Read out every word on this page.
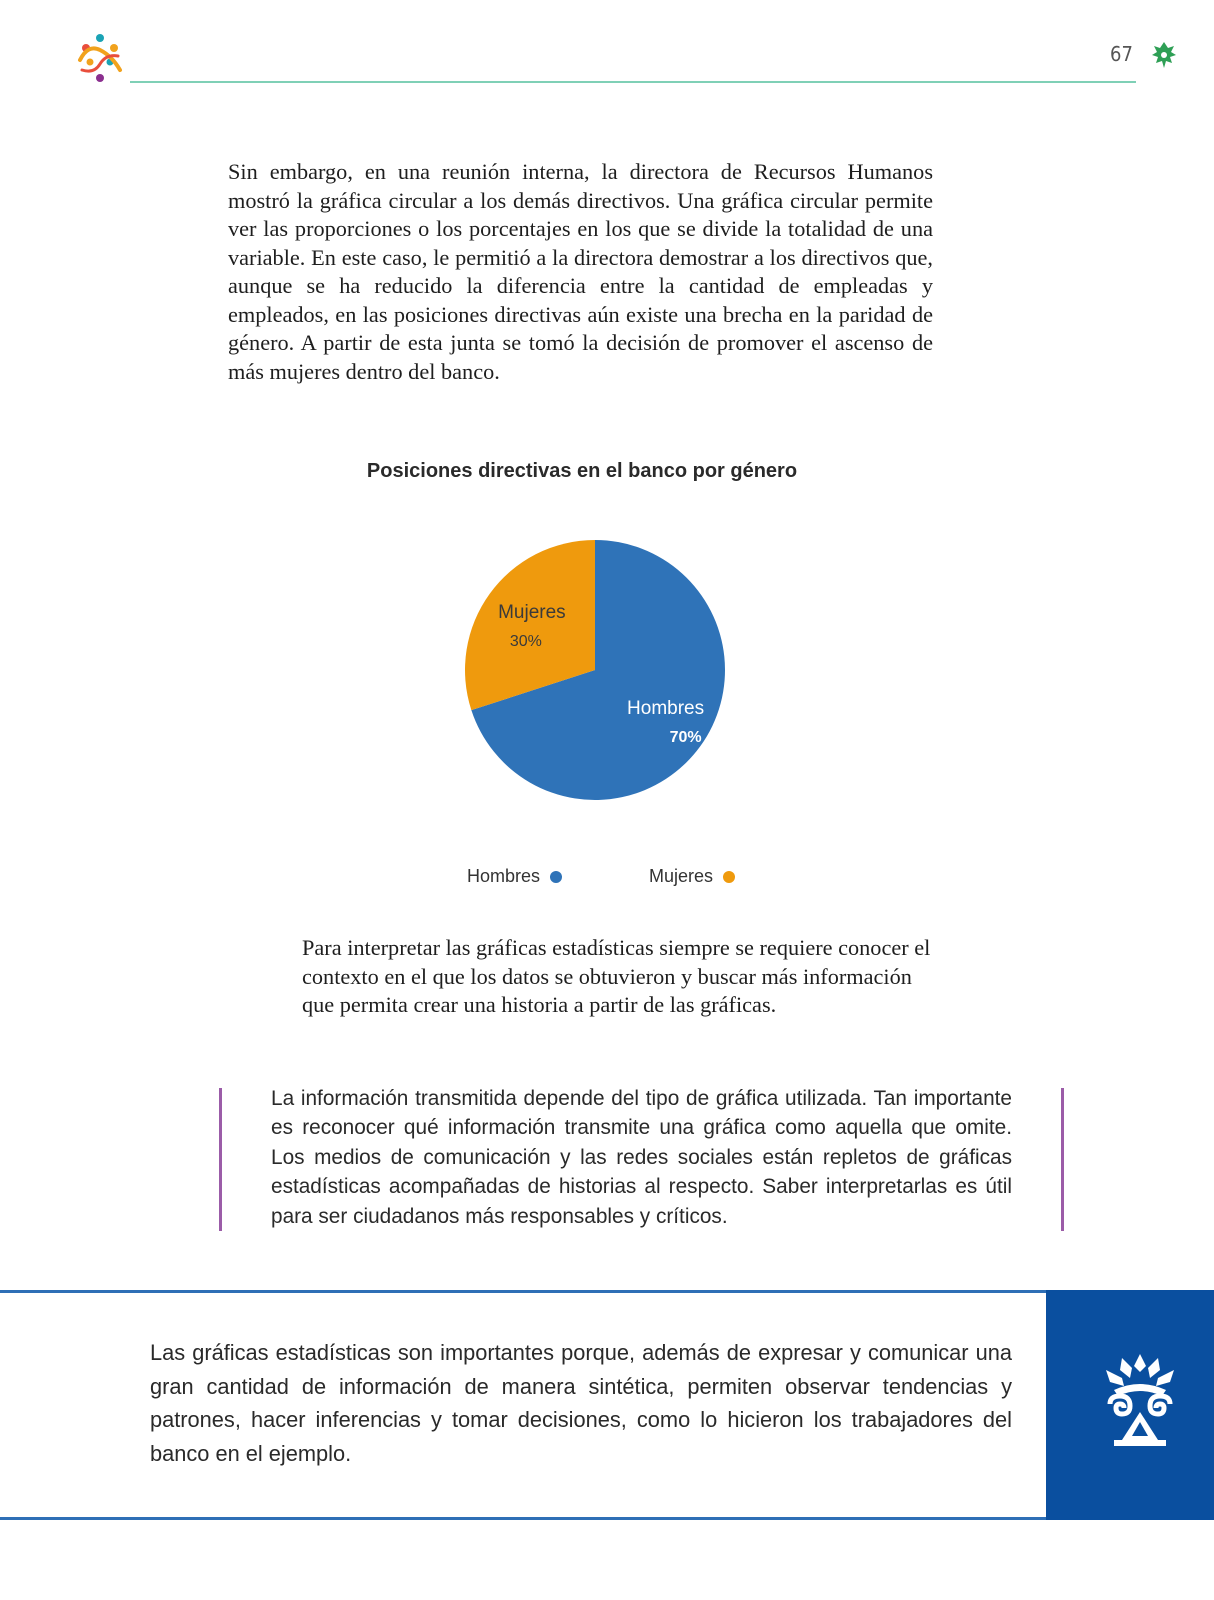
67
Sin embargo, en una reunión interna, la directora de Recursos Humanos mostró la gráfica circular a los demás directivos. Una gráfica circular permite ver las proporciones o los porcentajes en los que se divide la totalidad de una variable. En este caso, le permitió a la directora demostrar a los directivos que, aunque se ha reducido la diferencia entre la cantidad de empleadas y empleados, en las posiciones directivas aún existe una brecha en la paridad de género. A partir de esta junta se tomó la decisión de promover el ascenso de más mujeres dentro del banco.
Posiciones directivas en el banco por género
Hombres
70%
Mujeres
30%
Hombres	Mujeres
Para interpretar las gráficas estadísticas siempre se requiere conocer el contexto en el que los datos se obtuvieron y buscar más información que permita crear una historia a partir de las gráficas.
La información transmitida depende del tipo de gráfica utilizada. Tan importante es reconocer qué información transmite una gráfica como aquella que omite. Los medios de comunicación y las redes sociales están repletos de gráficas estadísticas acompañadas de historias al respecto. Saber interpretarlas es útil para ser ciudadanos más responsables y críticos.
Las gráficas estadísticas son importantes porque, además de expresar y comunicar una gran cantidad de información de manera sintética, permiten observar tendencias y patrones, hacer inferencias y tomar decisiones, como lo hicieron los trabajadores del banco en el ejemplo.
